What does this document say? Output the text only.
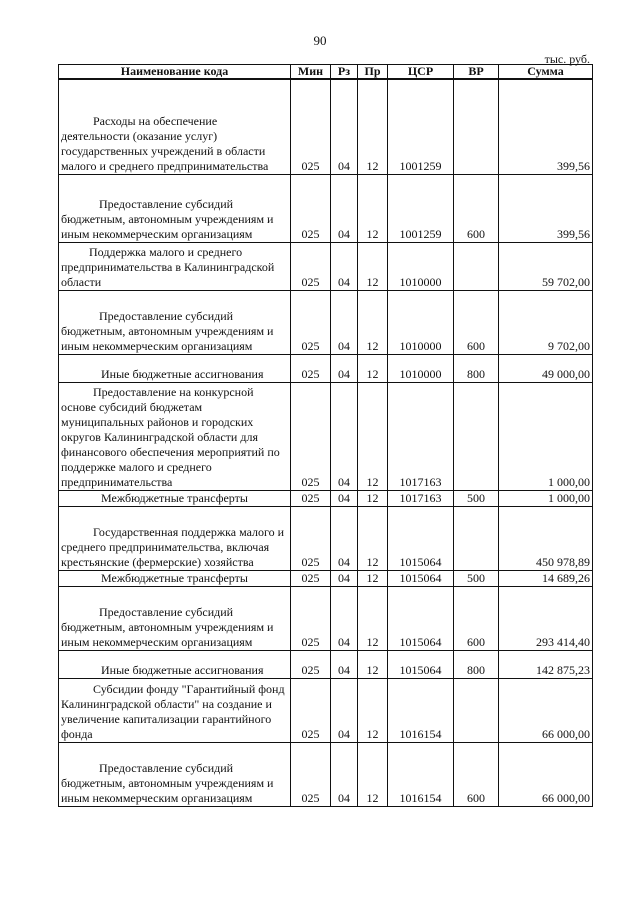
90
тыс. руб.
Наименование кода	Мин	Рз	Пр	ЦСР	ВР	Сумма
Расходы на обеспечение деятельности (оказание услуг) государственных учреждений в области малого и среднего предпринимательства	025	04	12	1001259		399,56
Предоставление субсидий бюджетным, автономным учреждениям и иным некоммерческим организациям	025	04	12	1001259	600	399,56
Поддержка малого и среднего предпринимательства в Калининградской области	025	04	12	1010000		59 702,00
Предоставление субсидий бюджетным, автономным учреждениям и иным некоммерческим организациям	025	04	12	1010000	600	9 702,00
Иные бюджетные ассигнования	025	04	12	1010000	800	49 000,00
Предоставление на конкурсной основе субсидий бюджетам муниципальных районов и городских округов Калининградской области для финансового обеспечения мероприятий по поддержке малого и среднего предпринимательства	025	04	12	1017163		1 000,00
Межбюджетные трансферты	025	04	12	1017163	500	1 000,00
Государственная поддержка малого и среднего предпринимательства, включая крестьянские (фермерские) хозяйства	025	04	12	1015064		450 978,89
Межбюджетные трансферты	025	04	12	1015064	500	14 689,26
Предоставление субсидий бюджетным, автономным учреждениям и иным некоммерческим организациям	025	04	12	1015064	600	293 414,40
Иные бюджетные ассигнования	025	04	12	1015064	800	142 875,23
Субсидии фонду "Гарантийный фонд Калининградской области" на создание и увеличение капитализации гарантийного фонда	025	04	12	1016154		66 000,00
Предоставление субсидий бюджетным, автономным учреждениям и иным некоммерческим организациям	025	04	12	1016154	600	66 000,00
